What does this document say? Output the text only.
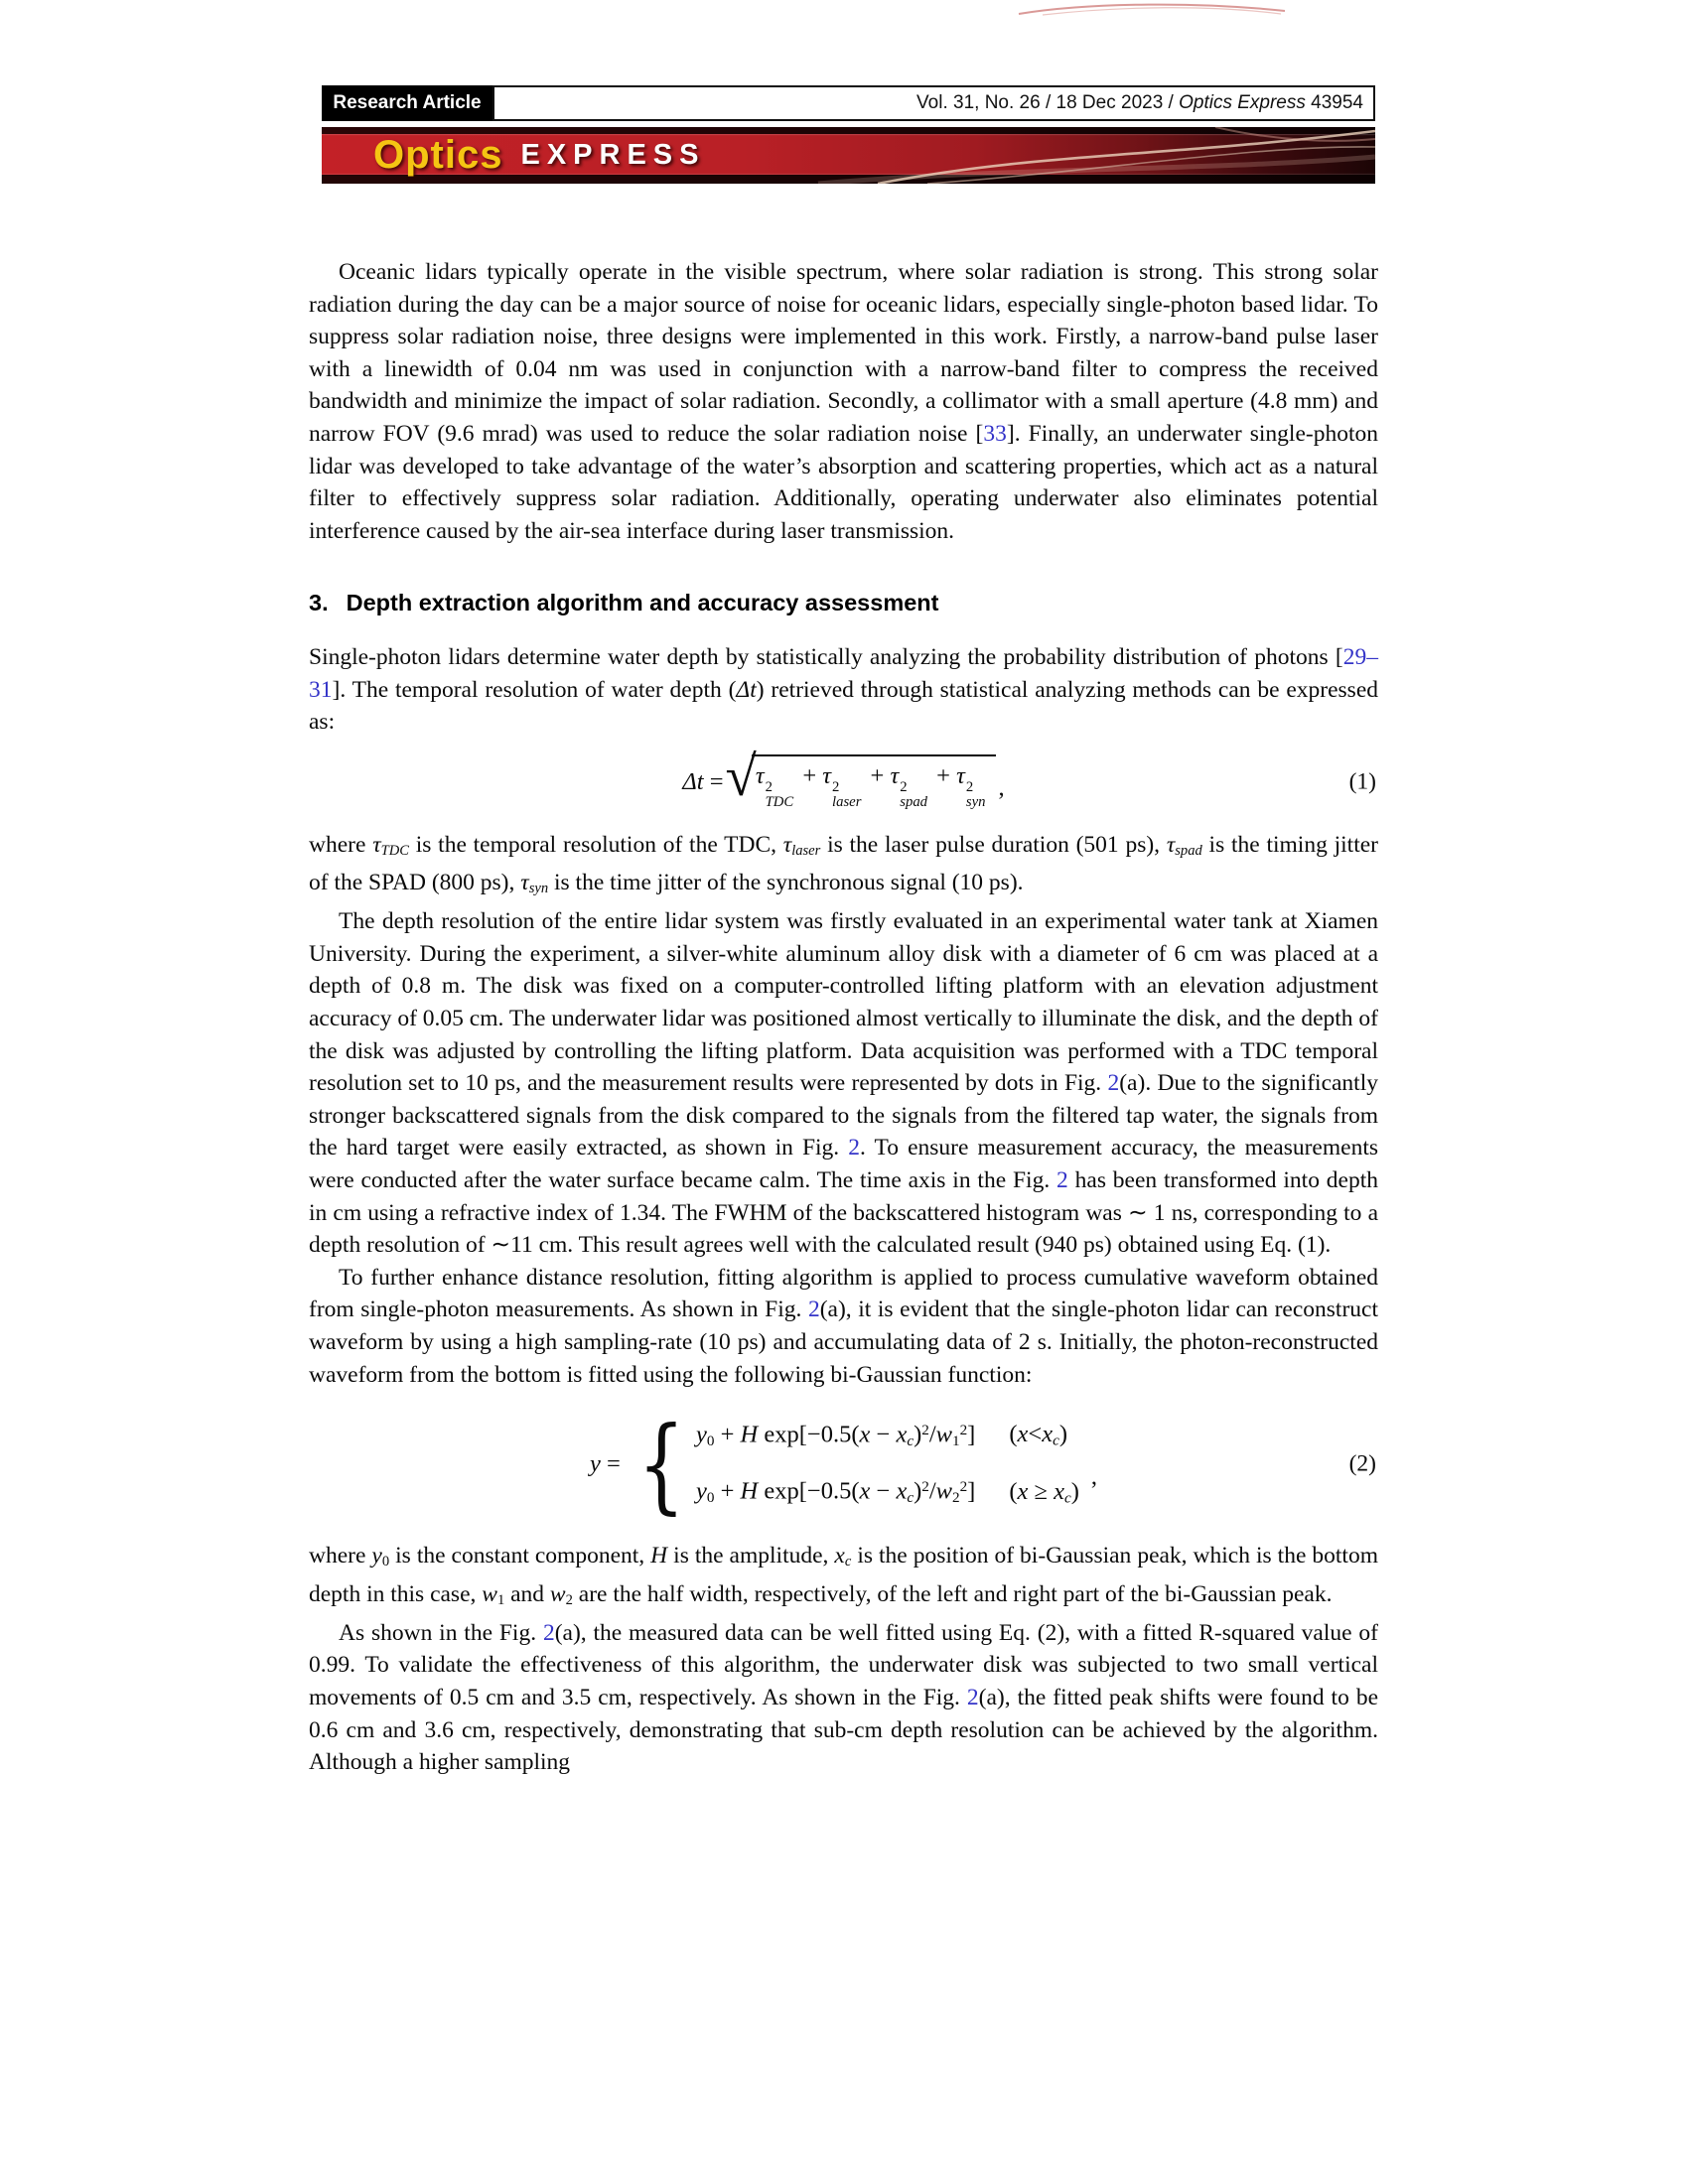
Research Article	Vol. 31, No. 26 / 18 Dec 2023 / Optics Express 43954
Optics EXPRESS

Oceanic lidars typically operate in the visible spectrum, where solar radiation is strong. This strong solar radiation during the day can be a major source of noise for oceanic lidars, especially single-photon based lidar. To suppress solar radiation noise, three designs were implemented in this work. Firstly, a narrow-band pulse laser with a linewidth of 0.04 nm was used in conjunction with a narrow-band filter to compress the received bandwidth and minimize the impact of solar radiation. Secondly, a collimator with a small aperture (4.8 mm) and narrow FOV (9.6 mrad) was used to reduce the solar radiation noise [33]. Finally, an underwater single-photon lidar was developed to take advantage of the water’s absorption and scattering properties, which act as a natural filter to effectively suppress solar radiation. Additionally, operating underwater also eliminates potential interference caused by the air-sea interface during laser transmission.

3. Depth extraction algorithm and accuracy assessment

Single-photon lidars determine water depth by statistically analyzing the probability distribution of photons [29–31]. The temporal resolution of water depth (Δt) retrieved through statistical analyzing methods can be expressed as:

Δt = √ τ 2
TDC
+ τ 2
laser
+ τ 2
spad
+ τ 2
syn
,	(1)

where $\tau_{TDC}$ is the temporal resolution of the TDC, $\tau_{laser}$ is the laser pulse duration (501 ps), $\tau_{spad}$ is the timing jitter of the SPAD (800 ps), $\tau_{syn}$ is the time jitter of the synchronous signal (10 ps).

The depth resolution of the entire lidar system was firstly evaluated in an experimental water tank at Xiamen University. During the experiment, a silver-white aluminum alloy disk with a diameter of 6 cm was placed at a depth of 0.8 m. The disk was fixed on a computer-controlled lifting platform with an elevation adjustment accuracy of 0.05 cm. The underwater lidar was positioned almost vertically to illuminate the disk, and the depth of the disk was adjusted by controlling the lifting platform. Data acquisition was performed with a TDC temporal resolution set to 10 ps, and the measurement results were represented by dots in Fig. 2(a). Due to the significantly stronger backscattered signals from the disk compared to the signals from the filtered tap water, the signals from the hard target were easily extracted, as shown in Fig. 2. To ensure measurement accuracy, the measurements were conducted after the water surface became calm. The time axis in the Fig. 2 has been transformed into depth in cm using a refractive index of 1.34. The FWHM of the backscattered histogram was ∼ 1 ns, corresponding to a depth resolution of ∼11 cm. This result agrees well with the calculated result (940 ps) obtained using Eq. (1).

To further enhance distance resolution, fitting algorithm is applied to process cumulative waveform obtained from single-photon measurements. As shown in Fig. 2(a), it is evident that the single-photon lidar can reconstruct waveform by using a high sampling-rate (10 ps) and accumulating data of 2 s. Initially, the photon-reconstructed waveform from the bottom is fitted using the following bi-Gaussian function:

y = { $y_0 + H$ $\exp[-0.5(x - x_c)^2/w_1^2]$ $(x<x_c)$
$y_0 + H$ $\exp[-0.5(x - x_c)^2/w_2^2]$ $(x \ge x_c)$
,	(2)

where $y_0$ is the constant component, H is the amplitude, $x_c$ is the position of bi-Gaussian peak, which is the bottom depth in this case, $w_1$ and $w_2$ are the half width, respectively, of the left and right part of the bi-Gaussian peak.

As shown in the Fig. 2(a), the measured data can be well fitted using Eq. (2), with a fitted R-squared value of 0.99. To validate the effectiveness of this algorithm, the underwater disk was subjected to two small vertical movements of 0.5 cm and 3.5 cm, respectively. As shown in the Fig. 2(a), the fitted peak shifts were found to be 0.6 cm and 3.6 cm, respectively, demonstrating that sub-cm depth resolution can be achieved by the algorithm. Although a higher sampling
